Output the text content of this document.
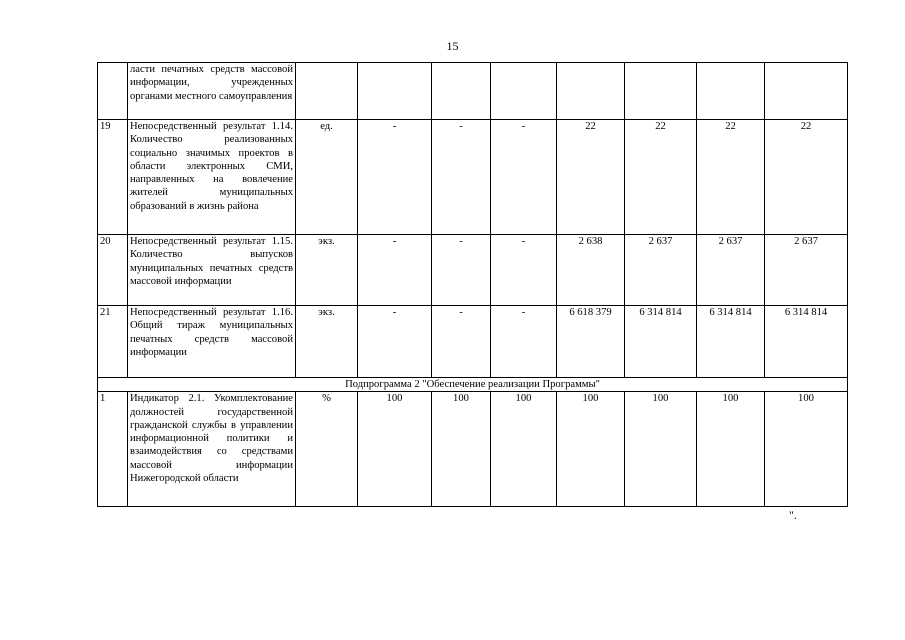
15
	ласти печатных средств массовой информации, учрежденных органами местного самоуправления								
19	Непосредственный результат 1.14. Количество реализованных социально значимых проектов в области электронных СМИ, направленных на вовлечение жителей муниципальных образований в жизнь района	ед.	-	-	-	22	22	22	22
20	Непосредственный результат 1.15. Количество выпусков муниципальных печатных средств массовой информации	экз.	-	-	-	2 638	2 637	2 637	2 637
21	Непосредственный результат 1.16. Общий тираж муниципальных печатных средств массовой информации	экз.	-	-	-	6 618 379	6 314 814	6 314 814	6 314 814
Подпрограмма 2 "Обеспечение реализации Программы"									
1	Индикатор 2.1. Укомплектование должностей государственной гражданской службы в управлении информационной политики и взаимодействия со средствами массовой информации Нижегородской области	%	100	100	100	100	100	100	100
".
